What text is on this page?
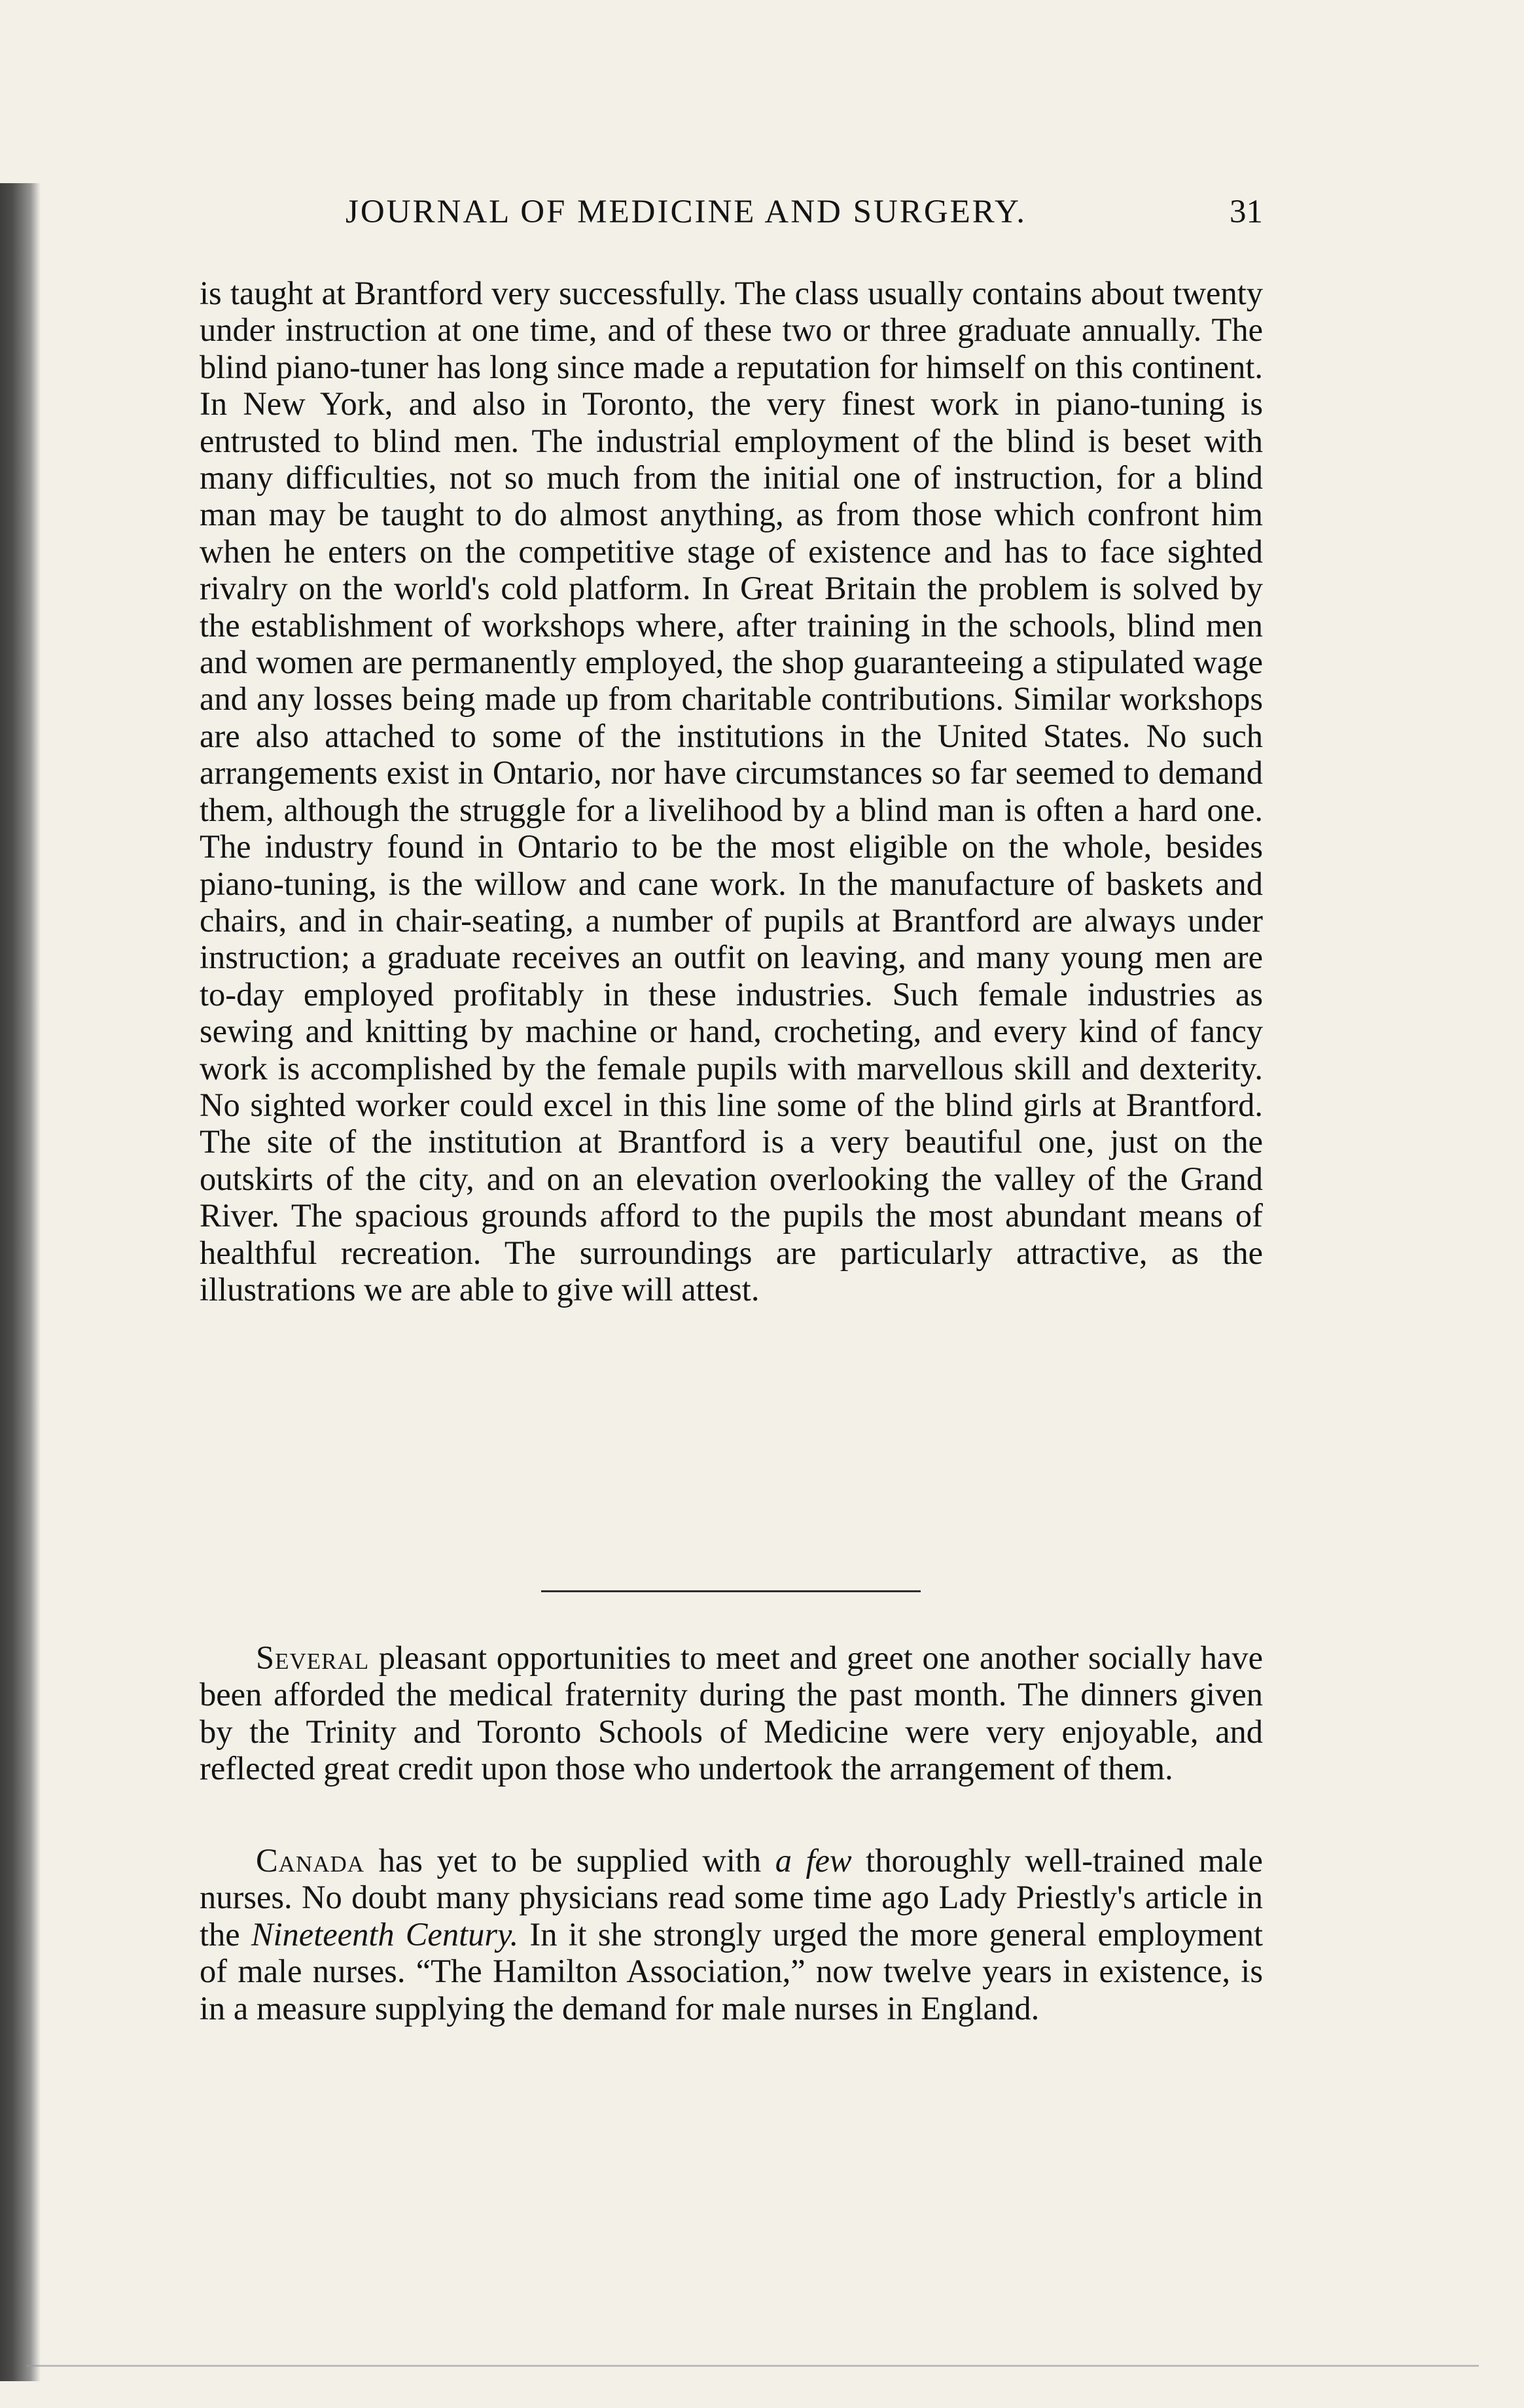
JOURNAL OF MEDICINE AND SURGERY.	31

is taught at Brantford very successfully. The class usually contains about twenty under instruction at one time, and of these two or three graduate annually. The blind piano-tuner has long since made a reputation for himself on this continent. In New York, and also in Toronto, the very finest work in piano-tuning is entrusted to blind men. The industrial employment of the blind is beset with many difficulties, not so much from the initial one of instruction, for a blind man may be taught to do almost anything, as from those which confront him when he enters on the competitive stage of existence and has to face sighted rivalry on the world's cold platform. In Great Britain the problem is solved by the establishment of workshops where, after training in the schools, blind men and women are permanently employed, the shop guaranteeing a stipulated wage and any losses being made up from charitable contributions. Similar workshops are also attached to some of the institutions in the United States. No such arrangements exist in Ontario, nor have circumstances so far seemed to demand them, although the struggle for a livelihood by a blind man is often a hard one. The industry found in Ontario to be the most eligible on the whole, besides piano-tuning, is the willow and cane work. In the manufacture of baskets and chairs, and in chair-seating, a number of pupils at Brantford are always under instruction; a graduate receives an outfit on leaving, and many young men are to-day employed profitably in these industries. Such female industries as sewing and knitting by machine or hand, crocheting, and every kind of fancy work is accomplished by the female pupils with marvellous skill and dexterity. No sighted worker could excel in this line some of the blind girls at Brantford. The site of the institution at Brantford is a very beautiful one, just on the outskirts of the city, and on an elevation overlooking the valley of the Grand River. The spacious grounds afford to the pupils the most abundant means of healthful recreation. The surroundings are particularly attractive, as the illustrations we are able to give will attest.

Several pleasant opportunities to meet and greet one another socially have been afforded the medical fraternity during the past month. The dinners given by the Trinity and Toronto Schools of Medicine were very enjoyable, and reflected great credit upon those who undertook the arrangement of them.

Canada has yet to be supplied with a few thoroughly well-trained male nurses. No doubt many physicians read some time ago Lady Priestly's article in the Nineteenth Century. In it she strongly urged the more general employment of male nurses. “The Hamilton Association,” now twelve years in existence, is in a measure supplying the demand for male nurses in England.
